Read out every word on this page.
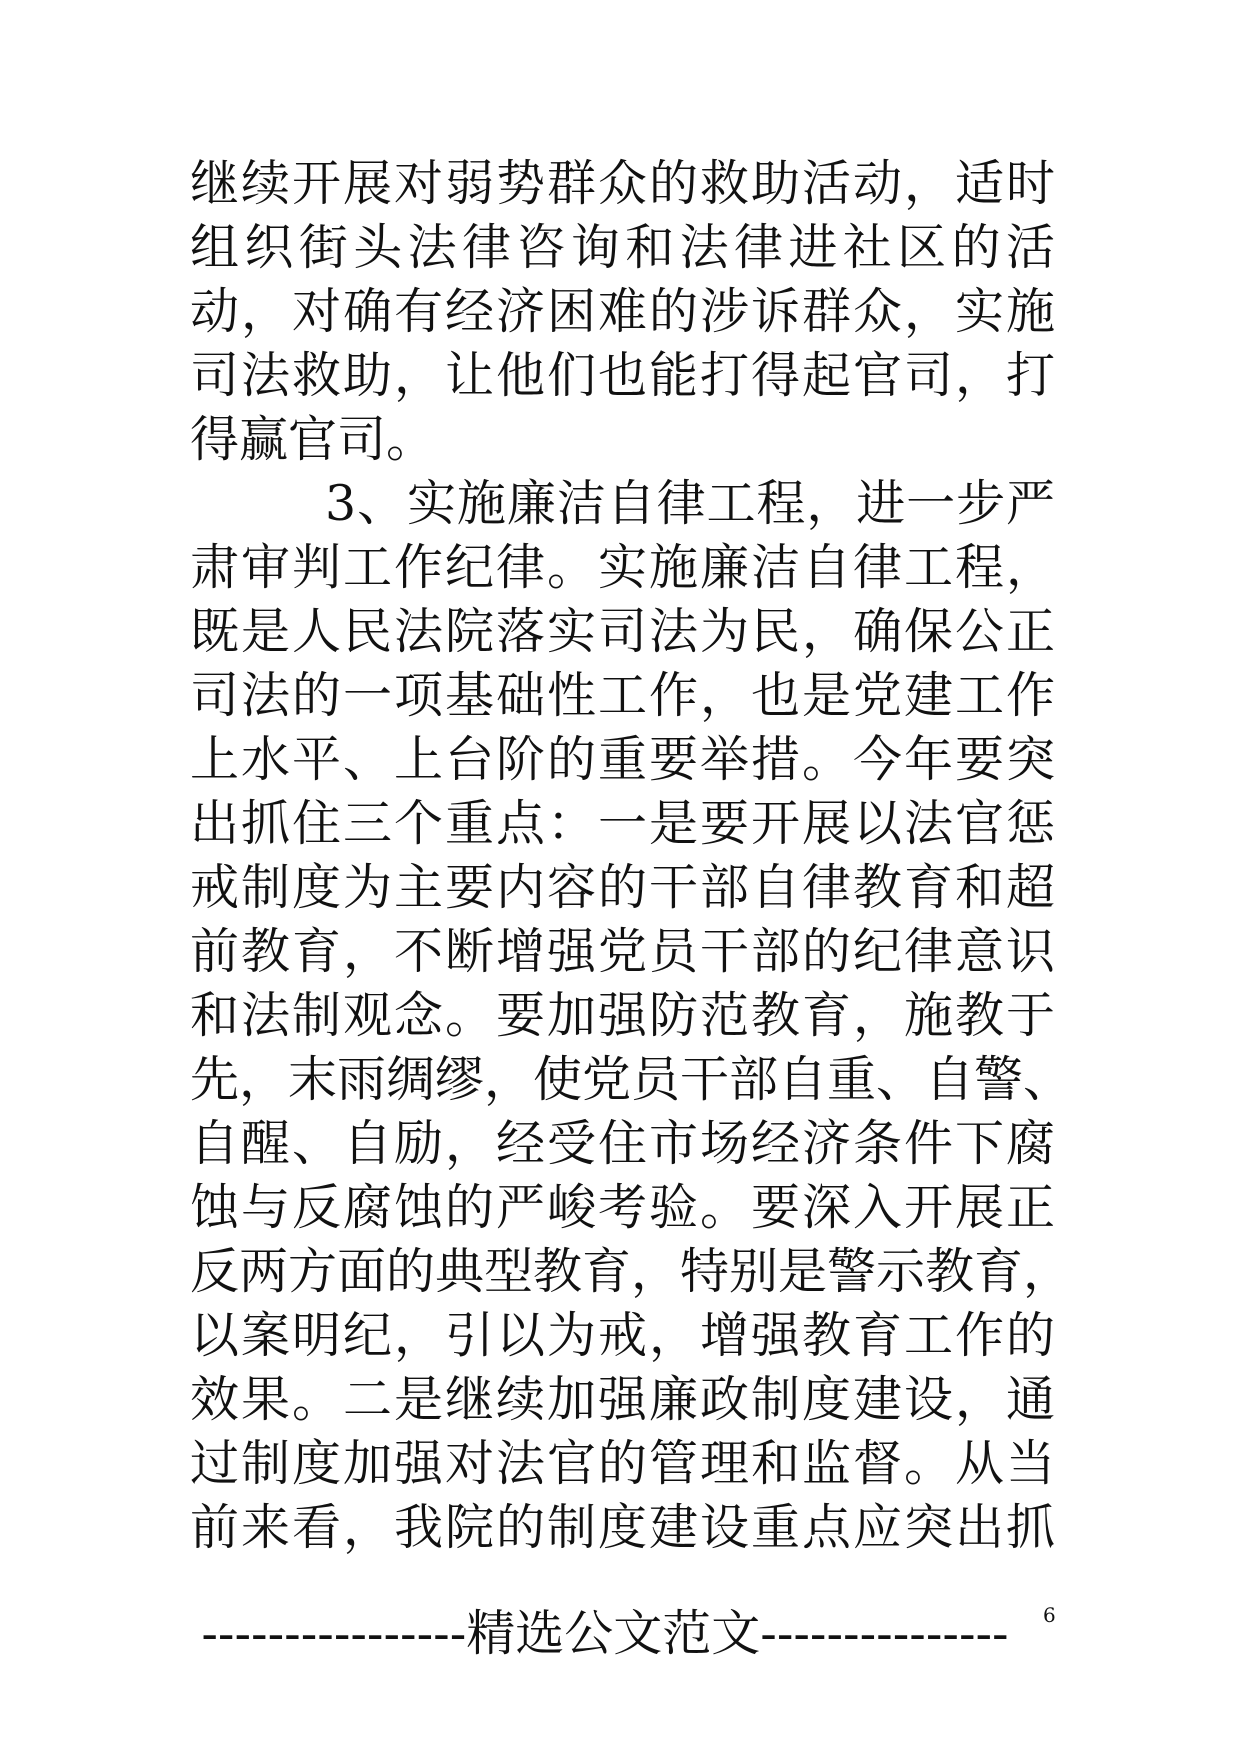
继续开展对弱势群众的救助活动，适时
组织街头法律咨询和法律进社区的活
动，对确有经济困难的涉诉群众，实施
司法救助，让他们也能打得起官司，打
得赢官司。
3、实施廉洁自律工程，进一步严
肃审判工作纪律。实施廉洁自律工程，
既是人民法院落实司法为民，确保公正
司法的一项基础性工作，也是党建工作
上水平、上台阶的重要举措。今年要突
出抓住三个重点：一是要开展以法官惩
戒制度为主要内容的干部自律教育和超
前教育，不断增强党员干部的纪律意识
和法制观念。要加强防范教育，施教于
先，末雨绸缪，使党员干部自重、自警、
自醒、自励，经受住市场经济条件下腐
蚀与反腐蚀的严峻考验。要深入开展正
反两方面的典型教育，特别是警示教育，
以案明纪，引以为戒，增强教育工作的
效果。二是继续加强廉政制度建设，通
过制度加强对法官的管理和监督。从当
前来看，我院的制度建设重点应突出抓
----------------精选公文范文---------------	6
